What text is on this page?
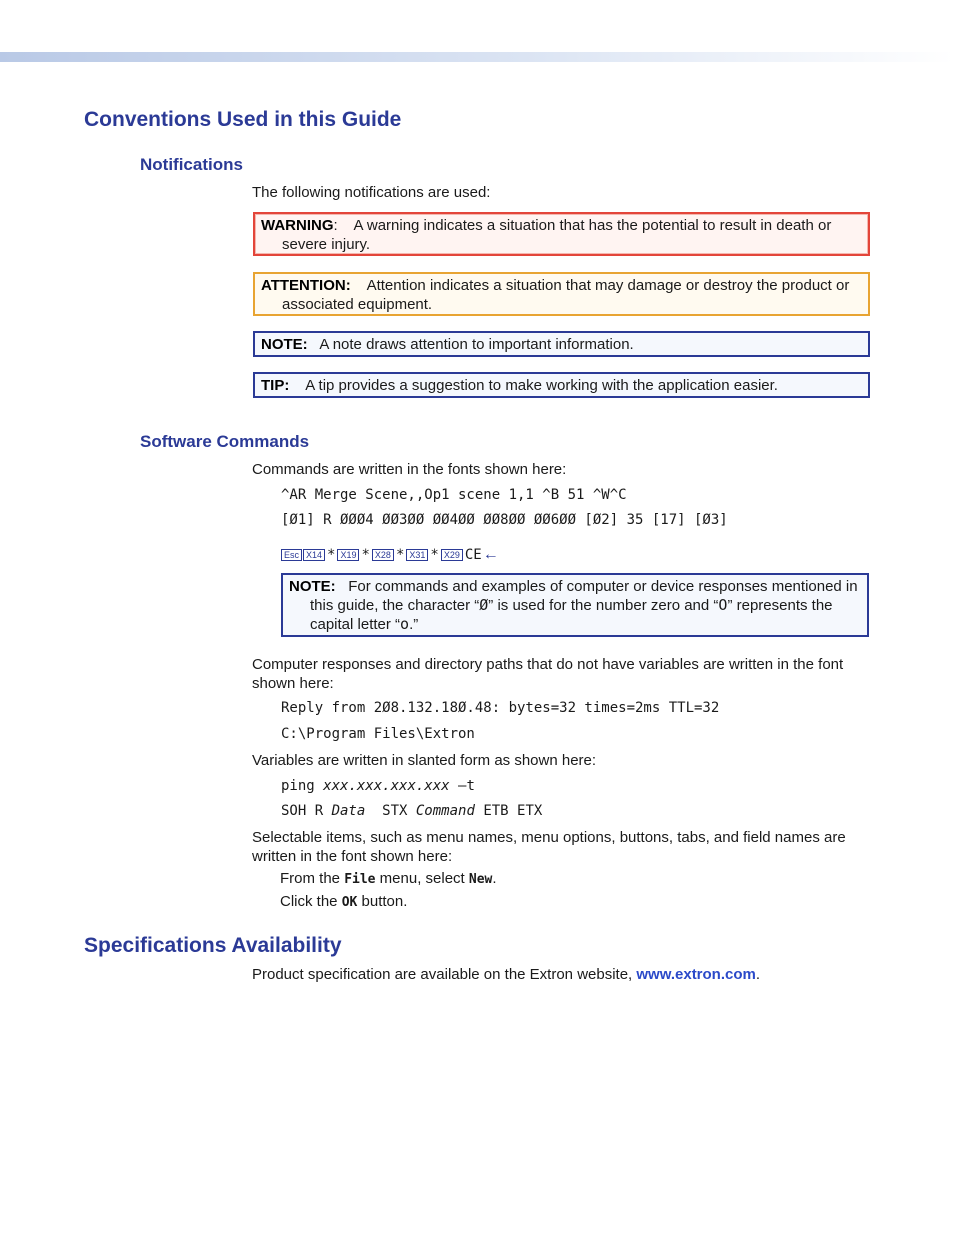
Conventions Used in this Guide
Notifications

The following notifications are used:

WARNING: A warning indicates a situation that has the potential to result in death or severe injury.
ATTENTION: Attention indicates a situation that may damage or destroy the product or associated equipment.
NOTE: A note draws attention to important information.
TIP: A tip provides a suggestion to make working with the application easier.
Software Commands

Commands are written in the fonts shown here:

^AR Merge Scene,,Op1 scene 1,1 ^B 51 ^W^C

[Ø1] R ØØØ4 ØØ3ØØ ØØ4ØØ ØØ8ØØ ØØ6ØØ [Ø2] 35 [17] [Ø3]

Esc X14 * X19 * X28 * X31 * X29 CE ←
NOTE: For commands and examples of computer or device responses mentioned in this guide, the character “Ø” is used for the number zero and “O” represents the capital letter “o.”

Computer responses and directory paths that do not have variables are written in the font shown here:

Reply from 2Ø8.132.18Ø.48: bytes=32 times=2ms TTL=32

C:\Program Files\Extron

Variables are written in slanted form as shown here:

ping xxx.xxx.xxx.xxx —t

SOH R Data  STX Command ETB ETX

Selectable items, such as menu names, menu options, buttons, tabs, and field names are written in the font shown here:

From the File menu, select New.

Click the OK button.

Specifications Availability

Product specification are available on the Extron website, www.extron.com.
